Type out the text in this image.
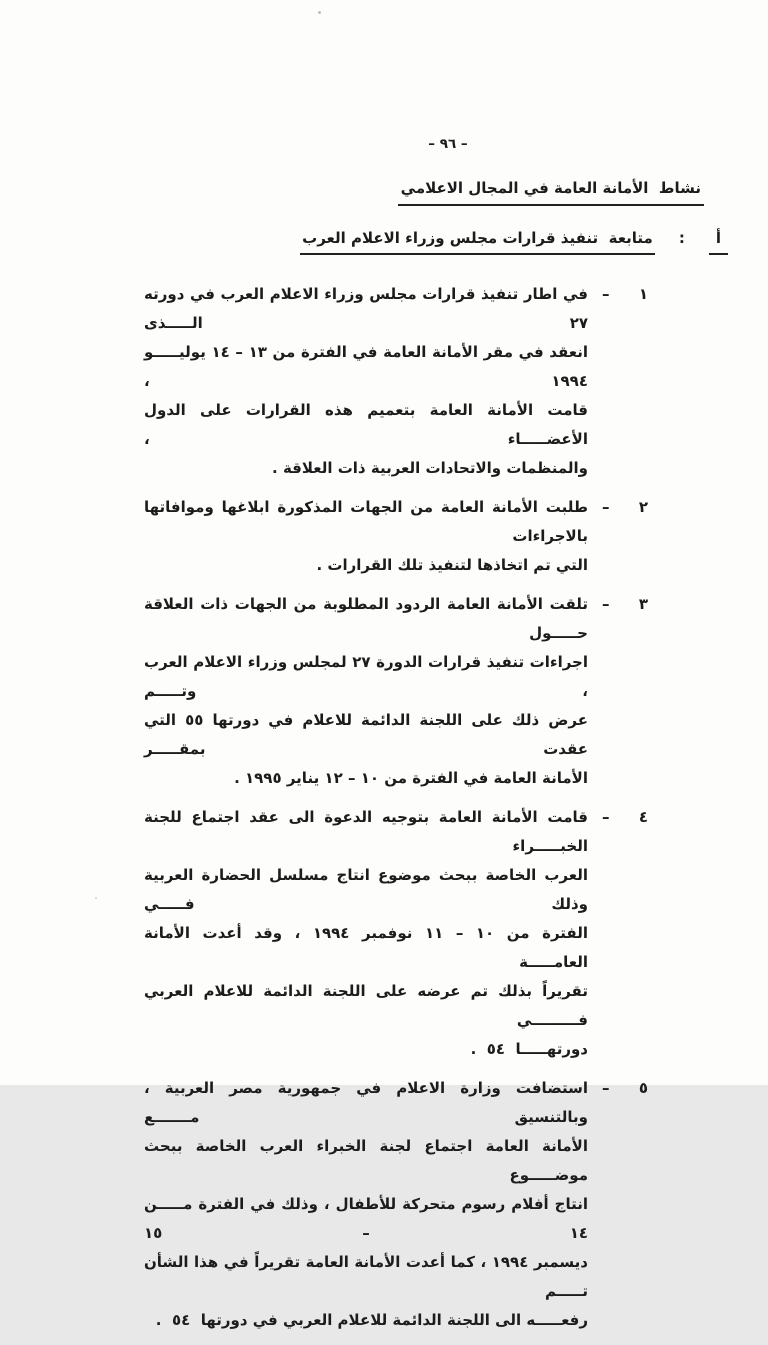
– ٩٦ –
نشاط  الأمانة العامة في المجال الاعلامي
أ
:
متابعة  تنفيذ قرارات مجلس وزراء الاعلام العرب
١
–
في اطار تنفيذ قرارات مجلس وزراء الاعلام العرب في دورته ٢٧ الـــــذى
انعقد في مقر الأمانة العامة في الفترة من ١٣ – ١٤ يوليـــــو ١٩٩٤ ،
قامت الأمانة العامة بتعميم هذه القرارات على الدول الأعضـــــاء ،
والمنظمات والاتحادات العربية ذات العلاقة .
٢
–
طلبت الأمانة العامة من الجهات المذكورة ابلاغها وموافاتها بالاجراءات
التي تم اتخاذها لتنفيذ تلك القرارات .
٣
–
تلقت الأمانة العامة الردود المطلوبة من الجهات ذات العلاقة حـــــول
اجراءات تنفيذ قرارات الدورة ٢٧ لمجلس وزراء الاعلام العرب ، وتـــــم
عرض ذلك على اللجنة الدائمة للاعلام في دورتها ٥٥ التي عقدت بمقـــــر
الأمانة العامة في الفترة من ١٠ – ١٢ يناير ١٩٩٥ .
٤
–
قامت الأمانة العامة بتوجيه الدعوة الى عقد اجتماع للجنة الخبـــــراء
العرب الخاصة ببحث موضوع انتاج مسلسل الحضارة العربية وذلك فـــــي
الفترة من ١٠ – ١١ نوفمبر ١٩٩٤ ، وقد أعدت الأمانة العامـــــة
تقريراً بذلك تم عرضه على اللجنة الدائمة للاعلام العربي فـــــــــي
دورتهـــــا  ٥٤  .
٥
–
استضافت وزارة الاعلام في جمهورية مصر العربية ، وبالتنسيق مـــــــع
الأمانة العامة اجتماع لجنة الخبراء العرب الخاصة ببحث موضـــــوع
انتاج أفلام رسوم متحركة للأطفال ، وذلك في الفترة مـــــن ١٤ – ١٥
ديسمبر ١٩٩٤ ، كما أعدت الأمانة العامة تقريراً في هذا الشأن تـــــم
رفعـــــه الى اللجنة الدائمة للاعلام العربي في دورتها  ٥٤  .
